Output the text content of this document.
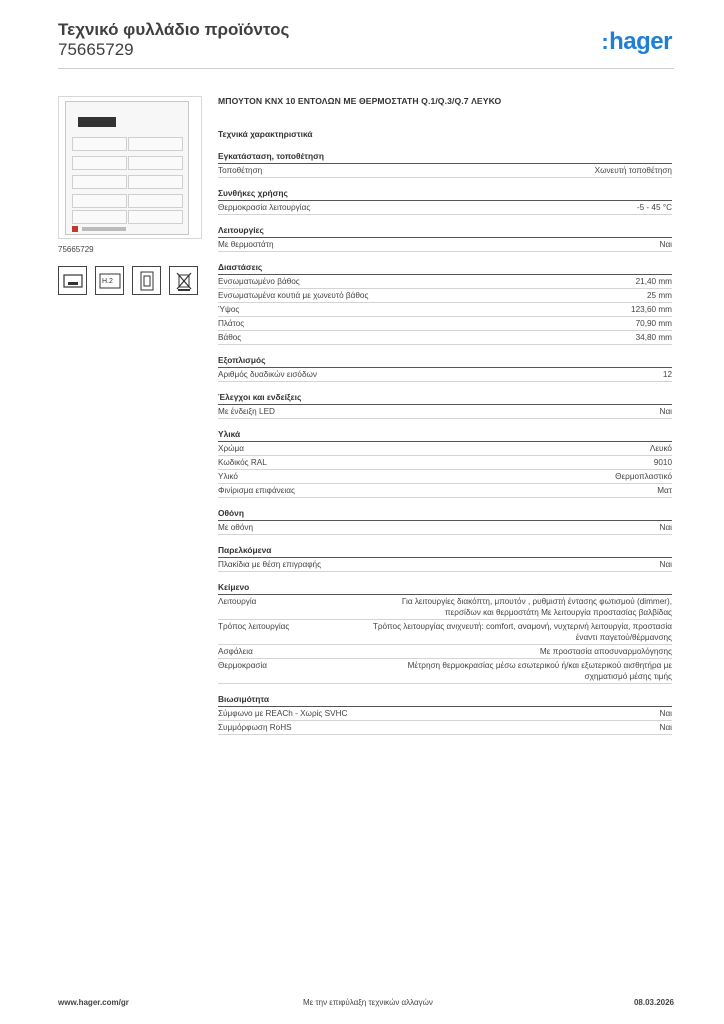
Τεχνικό φυλλάδιο προϊόντος
75665729	:hager
75665729
H.2
ΜΠΟΥΤΟΝ KNX 10 ΕΝΤΟΛΩΝ ΜΕ ΘΕΡΜΟΣΤΑΤΗ Q.1/Q.3/Q.7 ΛΕΥΚΟ
Τεχνικά χαρακτηριστικά
Εγκατάσταση, τοποθέτηση
Τοποθέτηση	Χωνευτή τοποθέτηση
Συνθήκες χρήσης
Θερμοκρασία λειτουργίας	-5 - 45 °C
Λειτουργίες
Με θερμοστάτη	Ναι
Διαστάσεις
Ενσωματωμένο βάθος	21,40 mm
Ενσωματωμένα κουτιά με χωνευτό βάθος	25 mm
Ύψος	123,60 mm
Πλάτος	70,90 mm
Βάθος	34,80 mm
Εξοπλισμός
Αριθμός δυαδικών εισόδων	12
Έλεγχοι και ενδείξεις
Με ένδειξη LED	Ναι
Υλικά
Χρώμα	Λευκό
Κωδικός RAL	9010
Υλικό	Θερμοπλαστικό
Φινίρισμα επιφάνειας	Ματ
Οθόνη
Με οθόνη	Ναι
Παρελκόμενα
Πλακίδια με θέση επιγραφής	Ναι
Κείμενο
Λειτουργία	Για λειτουργίες διακόπτη, μπουτόν , ρυθμιστή έντασης φωτισμού (dimmer), περσίδων και θερμοστάτη Με λειτουργία προστασίας βαλβίδας
Τρόπος λειτουργίας	Τρόπος λειτουργίας ανιχνευτή: comfort, αναμονή, νυχτερινή λειτουργία, προστασία έναντι παγετού/θέρμανσης
Ασφάλεια	Με προστασία αποσυναρμολόγησης
Θερμοκρασία	Μέτρηση θερμοκρασίας μέσω εσωτερικού ή/και εξωτερικού αισθητήρα με σχηματισμό μέσης τιμής
Βιωσιμότητα
Σύμφωνο με REACh - Χωρίς SVHC	Ναι
Συμμόρφωση RoHS	Ναι
www.hager.com/gr	Με την επιφύλαξη τεχνικών αλλαγών	08.03.2026
